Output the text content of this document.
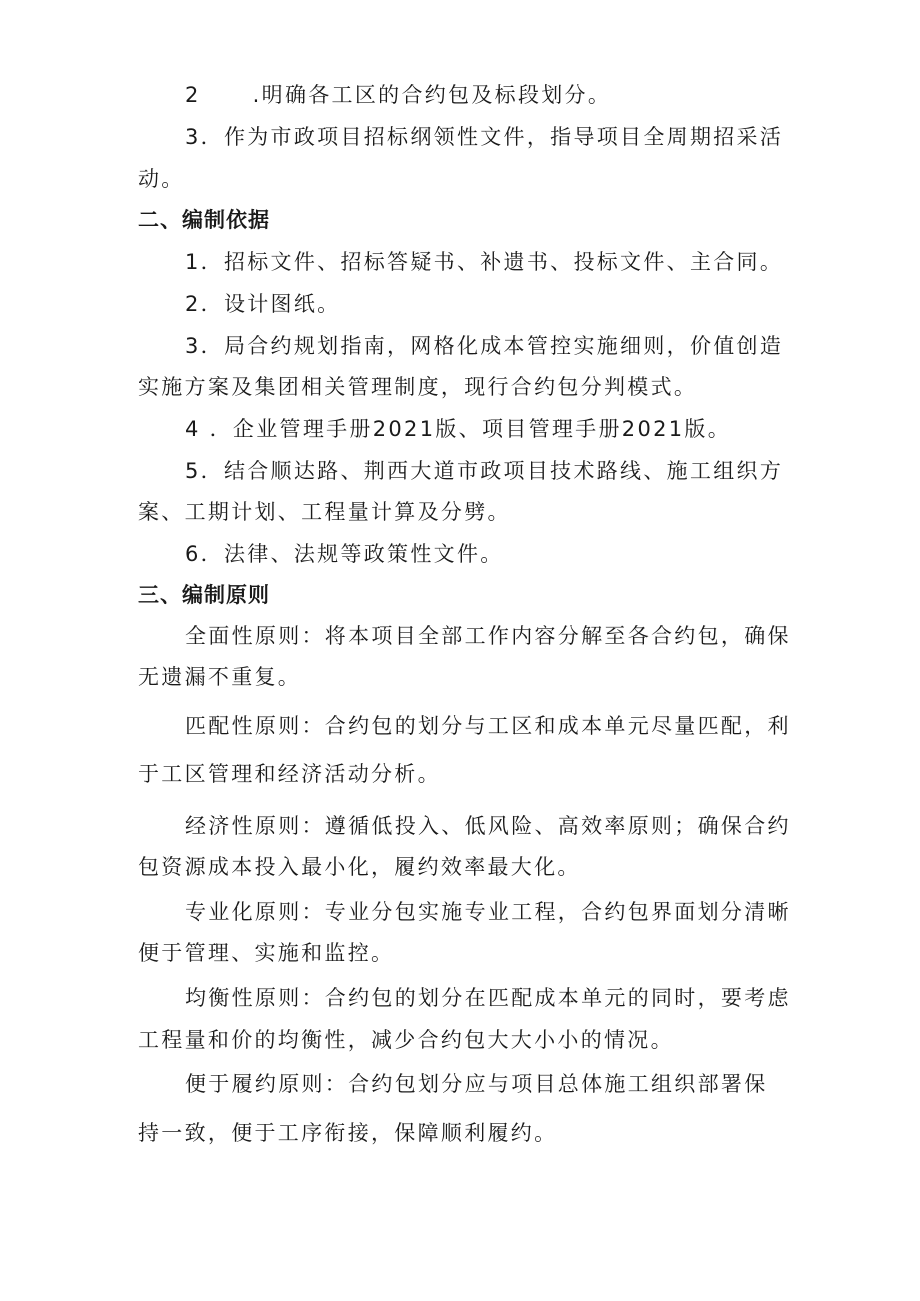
2 .明确各工区的合约包及标段划分。
3．作为市政项目招标纲领性文件，指导项目全周期招采活
动。
二、编制依据
1．招标文件、招标答疑书、补遗书、投标文件、主合同。
2．设计图纸。
3．局合约规划指南，网格化成本管控实施细则，价值创造
实施方案及集团相关管理制度，现行合约包分判模式。
4 ．企业管理手册2021版、项目管理手册2021版。
5．结合顺达路、荆西大道市政项目技术路线、施工组织方
案、工期计划、工程量计算及分劈。
6．法律、法规等政策性文件。
三、编制原则
全面性原则：将本项目全部工作内容分解至各合约包，确保
无遗漏不重复。
匹配性原则：合约包的划分与工区和成本单元尽量匹配，利
于工区管理和经济活动分析。
经济性原则：遵循低投入、低风险、高效率原则；确保合约
包资源成本投入最小化，履约效率最大化。
专业化原则：专业分包实施专业工程，合约包界面划分清晰
便于管理、实施和监控。
均衡性原则：合约包的划分在匹配成本单元的同时，要考虑
工程量和价的均衡性，减少合约包大大小小的情况。
便于履约原则：合约包划分应与项目总体施工组织部署保
持一致，便于工序衔接，保障顺利履约。
